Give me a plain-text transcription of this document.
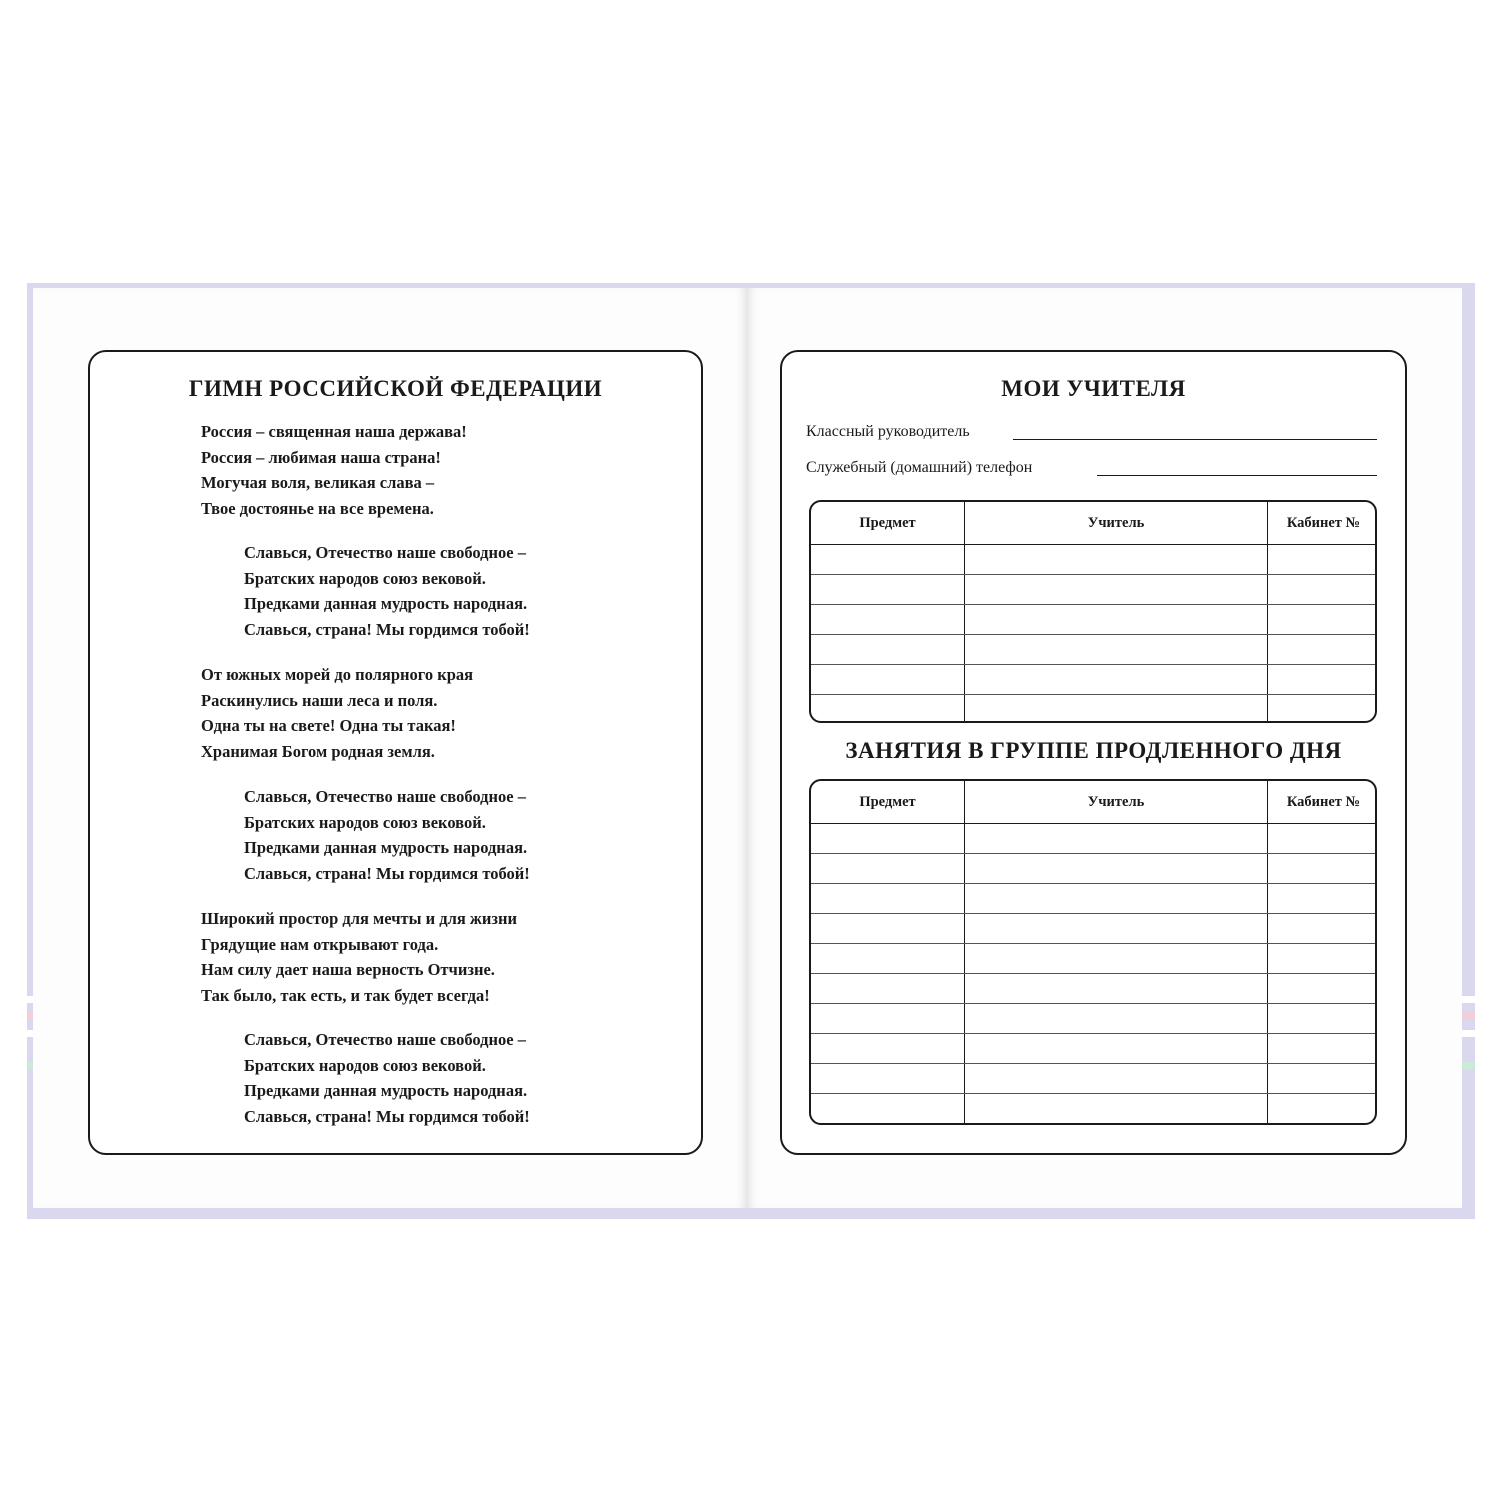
ГИМН РОССИЙСКОЙ ФЕДЕРАЦИИ
Россия – священная наша держава!
Россия – любимая наша страна!
Могучая воля, великая слава –
Твое достоянье на все времена.
Славься, Отечество наше свободное –
Братских народов союз вековой.
Предками данная мудрость народная.
Славься, страна! Мы гордимся тобой!
От южных морей до полярного края
Раскинулись наши леса и поля.
Одна ты на свете! Одна ты такая!
Хранимая Богом родная земля.
Славься, Отечество наше свободное –
Братских народов союз вековой.
Предками данная мудрость народная.
Славься, страна! Мы гордимся тобой!
Широкий простор для мечты и для жизни
Грядущие нам открывают года.
Нам силу дает наша верность Отчизне.
Так было, так есть, и так будет всегда!
Славься, Отечество наше свободное –
Братских народов союз вековой.
Предками данная мудрость народная.
Славься, страна! Мы гордимся тобой!
МОИ УЧИТЕЛЯ
Классный руководитель
Служебный (домашний) телефон
Предмет	Учитель	Кабинет №
ЗАНЯТИЯ В ГРУППЕ ПРОДЛЕННОГО ДНЯ
Предмет	Учитель	Кабинет №
